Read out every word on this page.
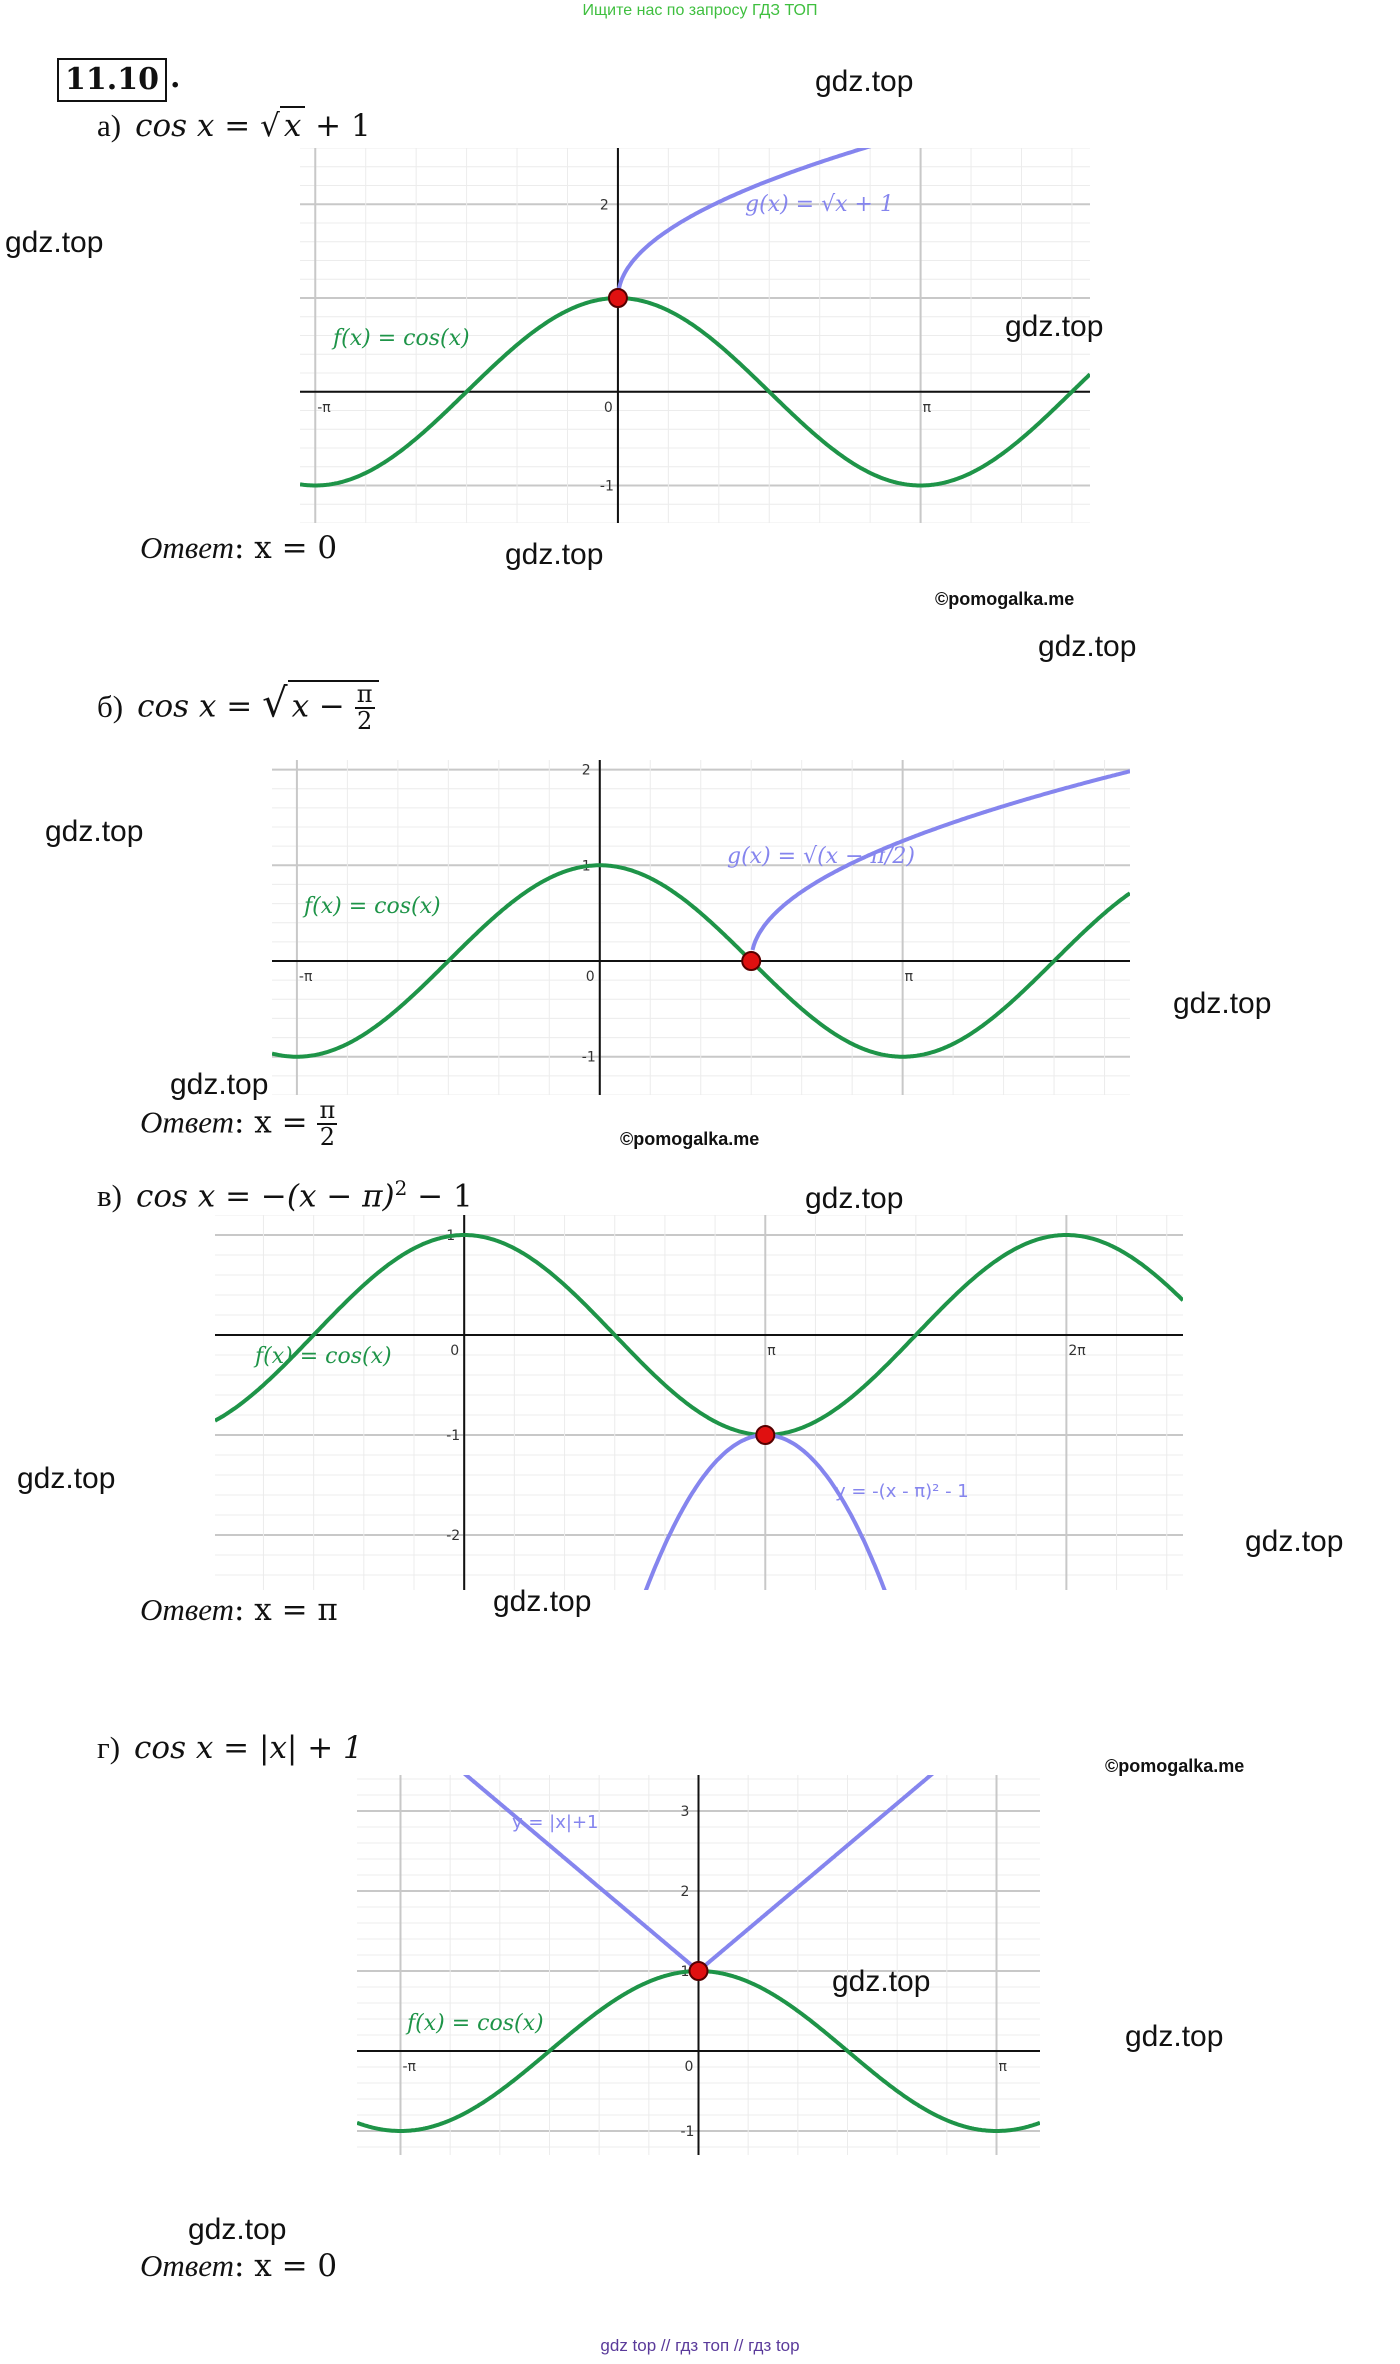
Ищите нас по запросу ГДЗ ТОП
11.10 .
а) cos x = √ x + 1
-π	0	π
-1
2
f(x) = cos(x)
g(x) = √x + 1
Ответ: x = 0
б) cos x = √ $x - \frac{\pi}{2}$
-π	0	π
-1
1
2
f(x) = cos(x)
g(x) = √(x − π/2)
Ответ: $x = \frac{\pi}{2}$
в) $\cos x = -(x - \pi)^2 - 1$
0	π	2π
-2
-1
1
f(x) = cos(x)
y = -(x - π)² - 1
Ответ: x = π
г) cos x = |x| + 1
-π	0	π
-1
1
2
3
f(x) = cos(x)
y = |x|+1
Ответ: x = 0
gdz.top
gdz.top
gdz.top
gdz.top
gdz.top
gdz.top
gdz.top
gdz.top
gdz.top
gdz.top
gdz.top
gdz.top
gdz.top
gdz.top
gdz.top
©pomogalka.me
©pomogalka.me
©pomogalka.me
gdz top // гдз топ // гдз top
